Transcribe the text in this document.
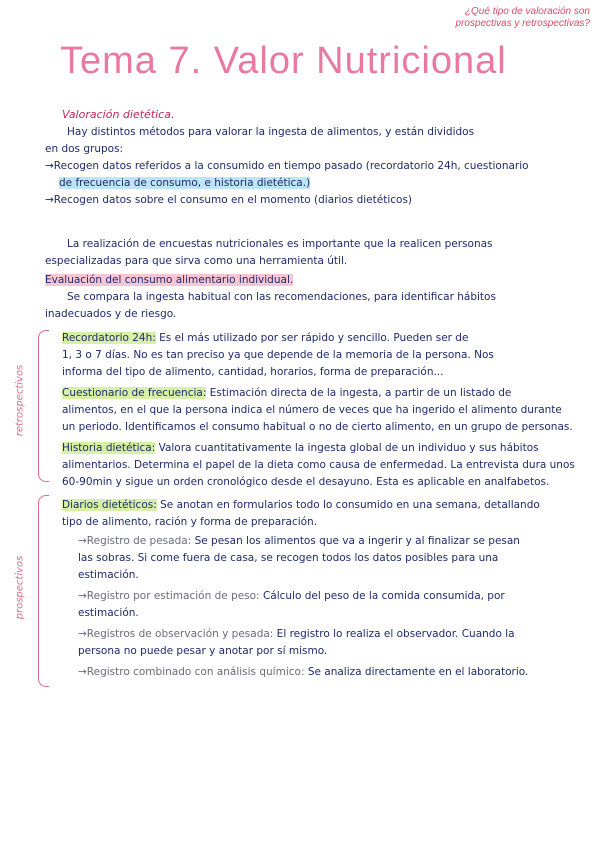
¿Qué tipo de valoración son prospectivas y retrospectivas?
Tema 7. Valor Nutricional
Valoración dietética.
Hay distintos métodos para valorar la ingesta de alimentos, y están divididos
en dos grupos:
→Recogen datos referidos a la consumido en tiempo pasado (recordatorio 24h, cuestionario
de frecuencia de consumo, e historia dietética.)
→Recogen datos sobre el consumo en el momento (diarios dietéticos)
La realización de encuestas nutricionales es importante que la realicen personas
especializadas para que sirva como una herramienta útil.
Evaluación del consumo alimentario individual.
Se compara la ingesta habitual con las recomendaciones, para identificar hábitos
inadecuados y de riesgo.
retrospectivos
Recordatorio 24h: Es el más utilizado por ser rápido y sencillo. Pueden ser de
1, 3 o 7 días. No es tan preciso ya que depende de la memoria de la persona. Nos
informa del tipo de alimento, cantidad, horarios, forma de preparación...
Cuestionario de frecuencia: Estimación directa de la ingesta, a partir de un listado de
alimentos, en el que la persona indica el número de veces que ha ingerido el alimento durante
un periodo. Identificamos el consumo habitual o no de cierto alimento, en un grupo de personas.
Historia dietética: Valora cuantitativamente la ingesta global de un individuo y sus hábitos
alimentarios. Determina el papel de la dieta como causa de enfermedad. La entrevista dura unos
60-90min y sigue un orden cronológico desde el desayuno. Esta es aplicable en analfabetos.
prospectivos
Diarios dietéticos: Se anotan en formularios todo lo consumido en una semana, detallando
tipo de alimento, ración y forma de preparación.
→Registro de pesada: Se pesan los alimentos que va a ingerir y al finalizar se pesan
las sobras. Si come fuera de casa, se recogen todos los datos posibles para una
estimación.
→Registro por estimación de peso: Cálculo del peso de la comida consumida, por
estimación.
→Registros de observación y pesada: El registro lo realiza el observador. Cuando la
persona no puede pesar y anotar por sí mismo.
→Registro combinado con análisis químico: Se analiza directamente en el laboratorio.
